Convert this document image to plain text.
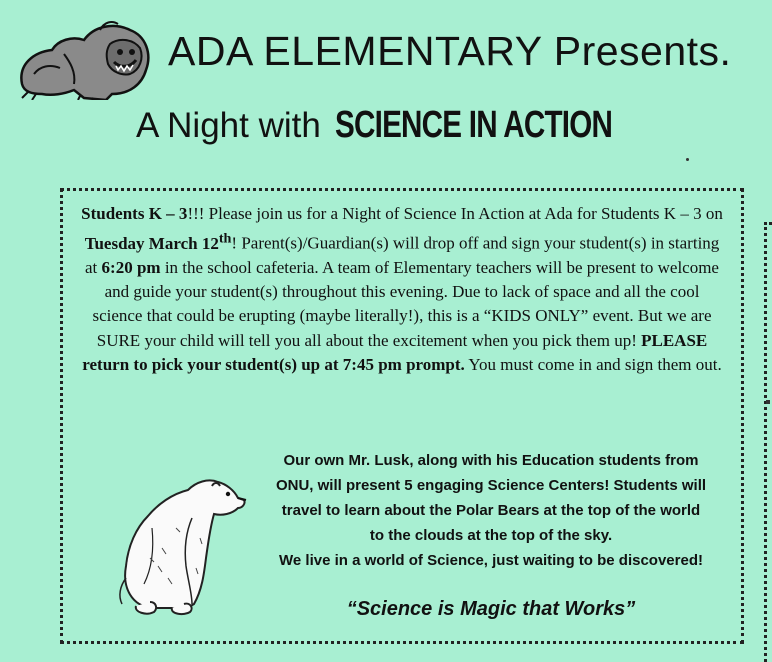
ADA ELEMENTARY Presents.
A Night with SCIENCE IN ACTION

Students K – 3!!! Please join us for a Night of Science In Action at Ada for Students K – 3 on Tuesday March 12th! Parent(s)/Guardian(s) will drop off and sign your student(s) in starting at 6:20 pm in the school cafeteria. A team of Elementary teachers will be present to welcome and guide your student(s) throughout this evening. Due to lack of space and all the cool science that could be erupting (maybe literally!), this is a “KIDS ONLY” event. But we are SURE your child will tell you all about the excitement when you pick them up! PLEASE return to pick your student(s) up at 7:45 pm prompt. You must come in and sign them out.

Our own Mr. Lusk, along with his Education students from
ONU, will present 5 engaging Science Centers! Students will
travel to learn about the Polar Bears at the top of the world
to the clouds at the top of the sky.
We live in a world of Science, just waiting to be discovered!

“Science is Magic that Works”
